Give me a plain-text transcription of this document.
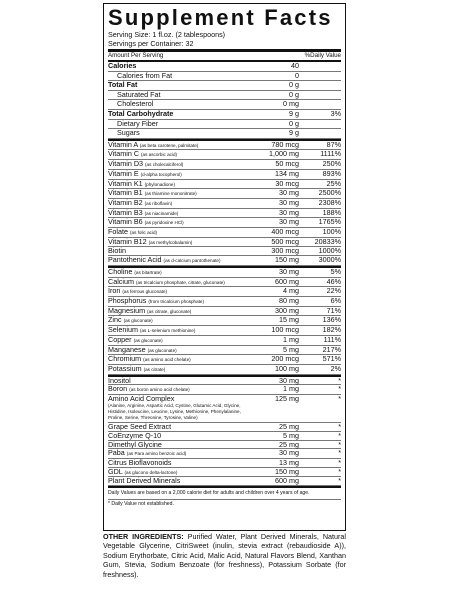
Supplement Facts
Serving Size: 1 fl.oz. (2 tablespoons)
Servings per Container: 32
Amount Per Serving	%Daily Value
Calories	40
Calories from Fat	0
Total Fat	0 g
Saturated Fat	0 g
Cholesterol	0 mg
Total Carbohydrate	9 g	3%
Dietary Fiber	0 g
Sugars	9 g
Vitamin A (as beta carotene, palmitate)	780 mcg	87%
Vitamin C (as ascorbic acid)	1,000 mg	1111%
Vitamin D3 (as cholecalciferol)	50 mcg	250%
Vitamin E (d-alpha tocopherol)	134 mg	893%
Vitamin K1 (phylonadione)	30 mcg	25%
Vitamin B1 (as thiamine mononitrate)	30 mg	2500%
Vitamin B2 (as riboflavin)	30 mg	2308%
Vitamin B3 (as niacinamide)	30 mg	188%
Vitamin B6 (as pyridoxine HCl)	30 mg	1765%
Folate (as folic acid)	400 mcg	100%
Vitamin B12 (as methylcobalamin)	500 mcg	20833%
Biotin	300 mcg	1000%
Pantothenic Acid (as d-calcium pantothenate)	150 mg	3000%
Choline (as bitartrate)	30 mg	5%
Calcium (as tricalcium phosphate, citrate, gluconate)	600 mg	46%
Iron (as ferrous gluconate)	4 mg	22%
Phosphorus (from tricalcium phosphate)	80 mg	6%
Magnesium (as citrate, gluconate)	300 mg	71%
Zinc (as gluconate)	15 mg	136%
Selenium (as L-selenium methionine)	100 mcg	182%
Copper (as gluconate)	1 mg	111%
Manganese (as gluconate)	5 mg	217%
Chromium (as amino acid chelate)	200 mcg	571%
Potassium (as citrate)	100 mg	2%
Inositol	30 mg	*
Boron (as boron amino acid chelate)	1 mg	*
Amino Acid Complex
(Alanine, Arginine, Aspartic Acid, Cystine, Glutamic Acid, Glycine, Histidine, Isoleucine, Leucine, Lysine, Methionine, Phenylalanine, Proline, Serine, Threonine, Tyrosine, Valine)
125 mg	*
Grape Seed Extract	25 mg	*
CoEnzyme Q-10	5 mg	*
Dimethyl Glycine	25 mg	*
Paba (as Para amino benzoic acid)	30 mg	*
Citrus Bioflavonoids	13 mg	*
GDL (as glucono delta-lactone)	150 mg	*
Plant Derived Minerals	600 mg	*
Daily Values are based on a 2,000 calorie diet for adults and children over 4 years of age.
* Daily Value not established.
OTHER INGREDIENTS: Purified Water, Plant Derived Minerals, Natural Vegetable Glycerine, CitriSweet (inulin, stevia extract (rebaudioside A)), Sodium Erythorbate, Citric Acid, Malic Acid, Natural Flavors Blend, Xanthan Gum, Stevia, Sodium Benzoate (for freshness), Potassium Sorbate (for freshness).
